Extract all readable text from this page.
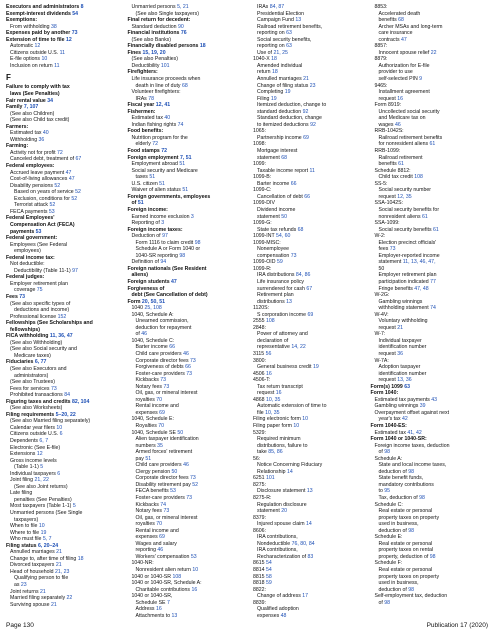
Executors and administrators 8
Exempt-interest dividends 54
Exemptions:
From withholding 38
Expenses paid by another 73
Extension of time to file 12
Automatic 12
Citizens outside U.S. 11
E-file options 10
Inclusion on return 11
F
Failure to comply with tax
laws (See Penalties)
Fair rental value 34
Family 7, 107
(See also Children)
(See also Child tax credit)
Farmers:
Estimated tax 40
Withholding 36
Farming:
Activity not for profit 72
Canceled debt, treatment of 67
Federal employees:
Accrued leave payment 47
Cost-of-living allowances 47
Disability pensions 52
Based on years of service 52
Exclusion, conditions for 52
Terrorist attack 52
FECA payments 53
Federal Employees'
Compensation Act (FECA)
payments 53
Federal government:
Employees (See Federal
employees)
Federal income tax:
Not deductible:
Deductibility (Table 11-1) 97
Federal judges:
Employer retirement plan
coverage 75
Fees 73
(See also specific types of
deductions and income)
Professional license 152
Fellowships (See Scholarships and
fellowships)
FICA withholding 11, 36, 47
(See also Withholding)
(See also Social security and
Medicare taxes)
Fiduciaries 6, 77
(See also Executors and
administrators)
(See also Trustees)
Fees for services 73
Prohibited transactions 84
Figuring taxes and credits 82, 104
(See also Worksheets)
Filing requirements 5–20, 22
(See also Married filing separately)
Calendar year filers 10
Citizens outside U.S. 6
Dependents 6, 7
Electronic (See E-file)
Extensions 12
Gross income levels
(Table 1-1) 5
Individual taxpayers 6
Joint filing 21, 22
(See also Joint returns)
Late filing
penalties (See Penalties)
Most taxpayers (Table 1-1) 5
Unmarried persons (See Single
taxpayers)
When to file 10
Where to file 19
Who must file 5, 7
Filing status 6, 20–24
Annulled marriages 21
Change to, after time of filing 18
Divorced taxpayers 21
Head of household 21, 23
Qualifying person to file
as 23
Joint returns 21
Married filing separately 22
Surviving spouse 21
Unmarried persons 5, 21
(See also Single taxpayers)
Final return for decedent:
Standard deduction 90
Financial institutions 76
(See also Banks)
Financially disabled persons 18
Fines 15, 19, 20
(See also Penalties)
Deductibility 101
Firefighters:
Life insurance proceeds when
death in line of duty 68
Volunteer firefighters:
IRAs 78
Fiscal year 12, 41
Fishermen:
Estimated tax 40
Indian fishing rights 74
Food benefits:
Nutrition program for the
elderly 72
Food stamps 72
Foreign employment 7, 51
Employment abroad 51
Social security and Medicare
taxes 51
U.S. citizen 51
Waiver of alien status 51
Foreign governments, employees
of 51
Foreign income:
Earned income exclusion 3
Reporting of 3
Foreign income taxes:
Deduction of 97
Form 1116 to claim credit 98
Schedule A or Form 1040 or
1040-SR reporting 98
Definition of 94
Foreign nationals (See Resident
aliens)
Foreign students 47
Forgiveness of
debt (See Cancellation of debt)
Form 20, 50, 51
1040 25, 108
1040, Schedule A:
Unearned commission,
deduction for repayment
of 46
1040, Schedule C:
Barter income 66
Child care providers 46
Corporate director fees 73
Forgiveness of debts 66
Foster-care providers 73
Kickbacks 73
Notary fees 73
Oil, gas, or mineral interest
royalties 70
Rental income and
expenses 69
1040, Schedule E:
Royalties 70
1040, Schedule SE 50
Alien taxpayer identification
numbers 35
Armed forces' retirement
pay 51
Child care providers 46
Clergy pension 50
Corporate director fees 73
Disability retirement pay 52
FECA benefits 53
Foster-care providers 73
Kickbacks 74
Notary fees 73
Oil, gas, or mineral interest
royalties 70
Rental income and
expenses 69
Wages and salary
reporting 46
Workers' compensation 53
1040-NR:
Nonresident alien return 10
1040 or 1040-SR 108
1040 or 1040-SR, Schedule A:
Charitable contributions 16
1040 or 1040-SR,
Schedule SE 7
Address 16
Attachments to 13
IRAs 84, 87
Presidential Election
Campaign Fund 13
Railroad retirement benefits,
reporting on 63
Social security benefits,
reporting on 63
Use of 21, 25
1040-X 18
Amended individual
return 18
Annulled marriages 21
Change of filing status 23
Completing 19
Filing 19
Itemized deduction, change to
standard deduction 92
Standard deduction, change
to itemized deductions 92
1065:
Partnership income 69
1098:
Mortgage interest
statement 68
1099:
Taxable income report 11
1099-B:
Barter income 66
1099-C:
Cancellation of debt 66
1099-DIV
Dividend income
statement 50
1099-G:
State tax refunds 68
1099-INT 54, 60
1099-MISC:
Nonemployee
compensation 73
1099-OID 59
1099-R:
IRA distributions 84, 86
Life insurance policy
surrendered for cash 67
Retirement plan
distributions 13
1120S:
S corporation income 69
2555 108
2848:
Power of attorney and
declaration of
representative 14, 22
3115 56
3800:
General business credit 19
4506 16
4506-T:
Tax return transcript
request 16
4868 10, 35
Automatic extension of time to
file 10, 35
Filing electronic form 10
Filing paper form 10
5329:
Required minimum
distributions, failure to
take 85, 86
56:
Notice Concerning Fiduciary
Relationship 14
6251 101
8275:
Disclosure statement 13
8275-R:
Regulation disclosure
statement 20
8379:
Injured spouse claim 14
8606:
IRA contributions,
Nondeductible 76, 80, 84
IRA contributions,
Recharacterization of 83
8615 54
8814 54
8815 58
8818 59
8822:
Change of address 17
8839:
Qualified adoption
expenses 48
8853:
Accelerated death
benefits 68
Archer MSAs and long-term
care insurance
contracts 47
8857:
Innocent spouse relief 22
8879:
Authorization for E-file
provider to use
self-selected PIN 9
9465:
Installment agreement
request 16
Form 8919:
Uncollected social security
and Medicare tax on
wages 46
RRB-1042S:
Railroad retirement benefits
for nonresident aliens 61
RRB-1099:
Railroad retirement
benefits 61
Schedule 8812:
Child tax credit 108
SS-5:
Social security number
request 12, 35
SSA-1042S:
Social security benefits for
nonresident aliens 61
SSA-1099:
Social security benefits 61
W-2:
Election precinct officials'
fees 73
Employer-reported income
statement 11, 13, 46, 47,
50
Employer retirement plan
participation indicated 77
Fringe benefits 47, 48
W-2G:
Gambling winnings
withholding statement 74
W-4V:
Voluntary withholding
request 21
W-7:
Individual taxpayer
identification number
request 36
W-7A:
Adoption taxpayer
identification number
request 13, 36
Form(s) 1099 63
Form 1040:
Estimated tax payments 43
Gambling winnings 39
Overpayment offset against next
year's tax 42
Form 1040-ES:
Estimated tax 41, 42
Form 1040 or 1040-SR:
Foreign income taxes, deduction
of 98
Schedule A:
State and local income taxes,
deduction of 98
State benefit funds,
mandatory contributions
to 95
Tax, deduction of 98
Schedule C:
Real estate or personal
property taxes on property
used in business,
deduction of 98
Schedule E:
Real estate or personal
property taxes on rental
property, deduction of 98
Schedule F:
Real estate or personal
property taxes on property
used in business,
deduction of 98
Self-employment tax, deduction
of 98
Page 130	Publication 17 (2020)
